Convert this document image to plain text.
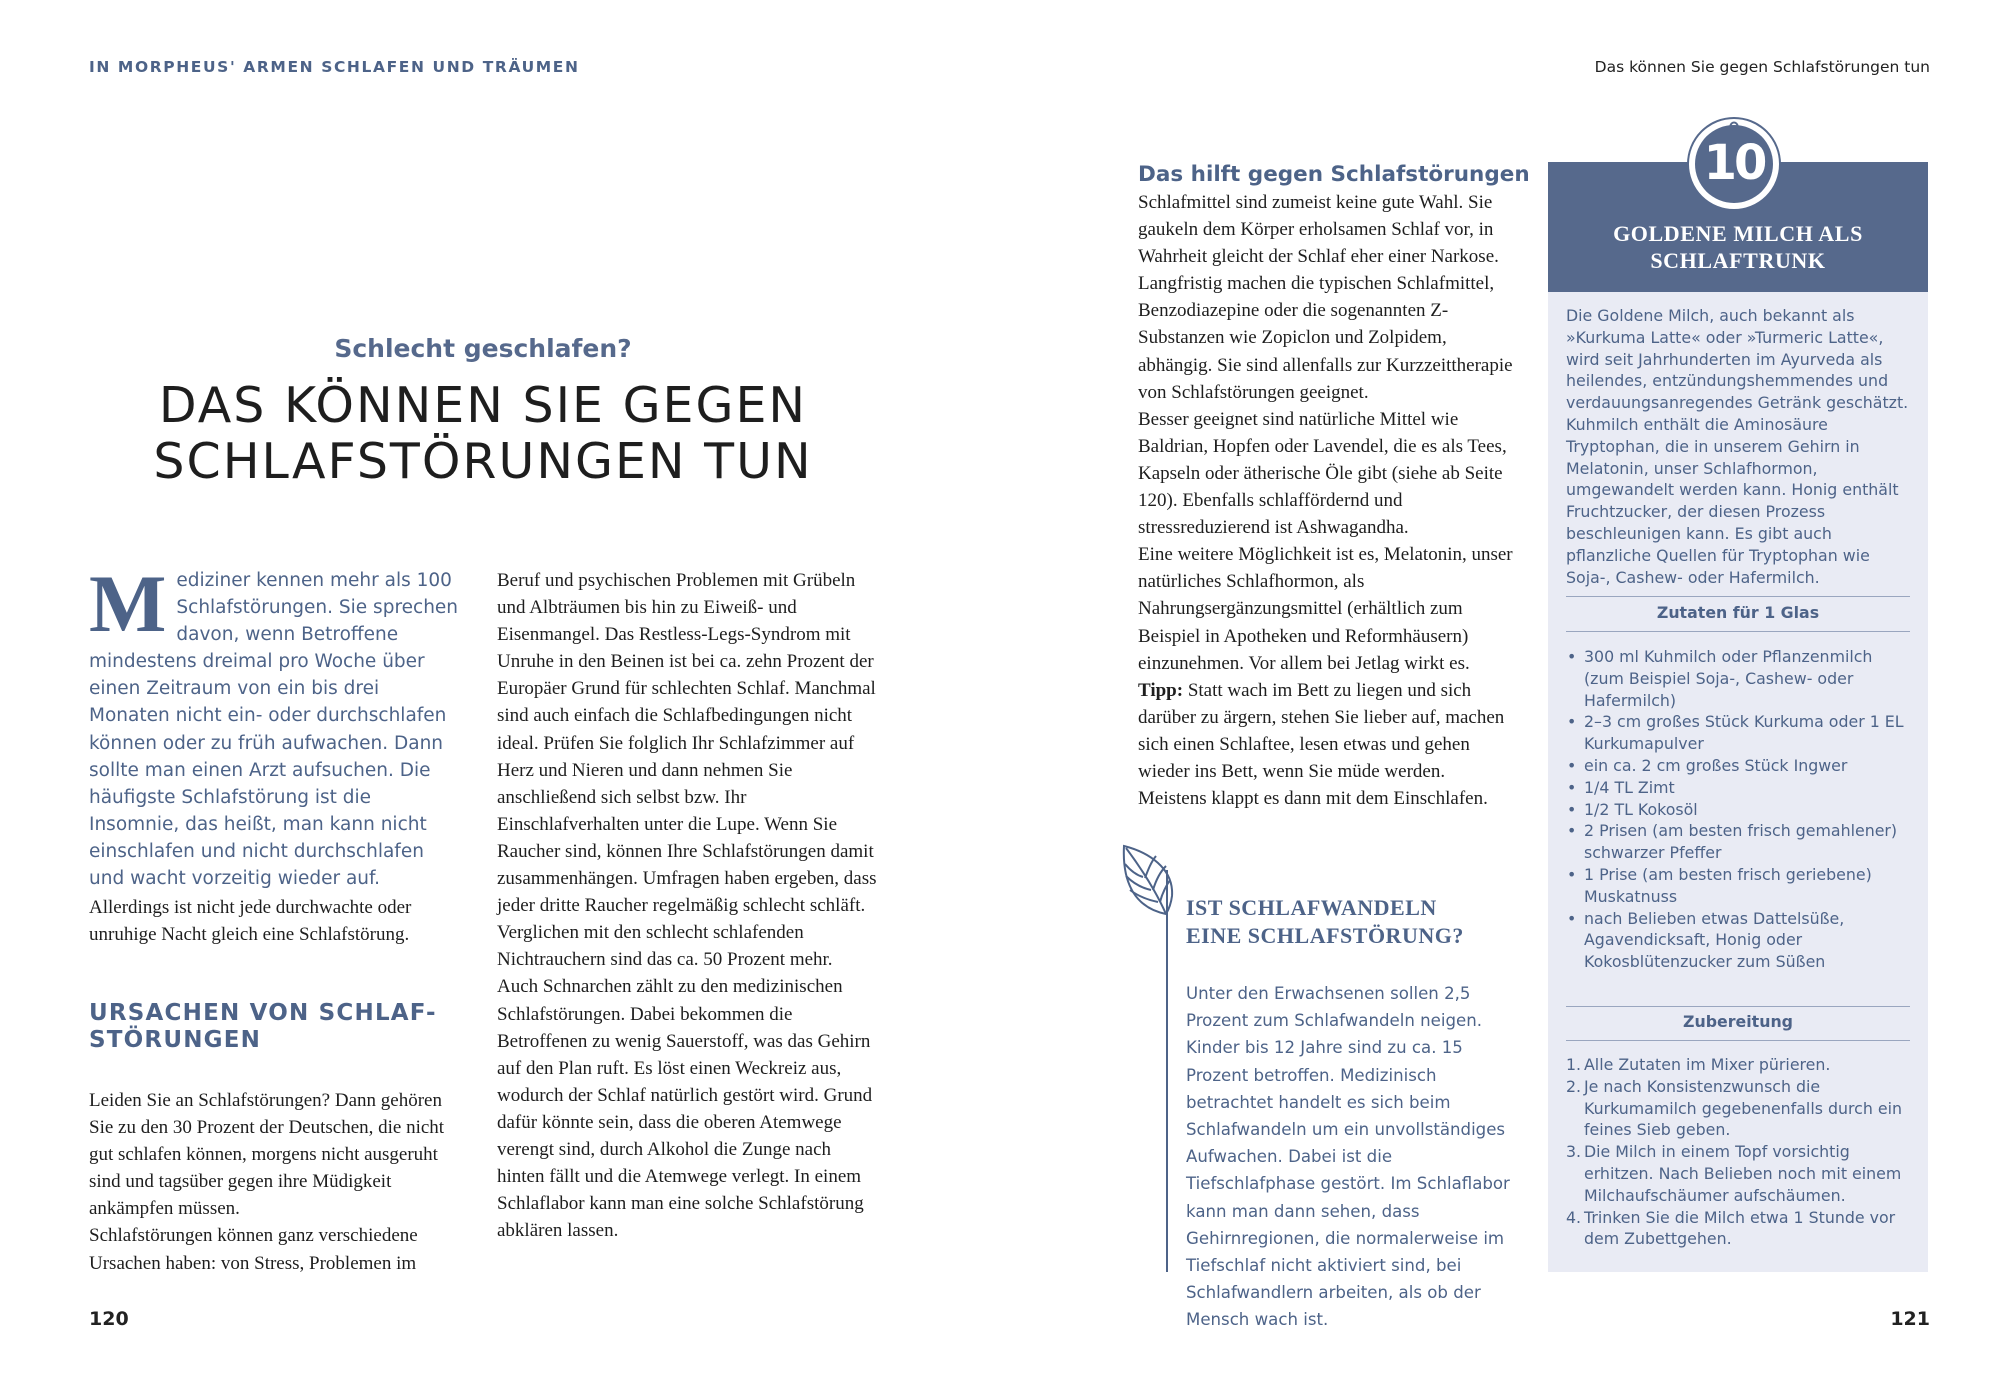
IN MORPHEUS' ARMEN SCHLAFEN UND TRÄUMEN	Das können Sie gegen Schlafstörungen tun
Schlecht geschlafen?
DAS KÖNNEN SIE GEGEN
SCHLAFSTÖRUNGEN TUN
Mediziner kennen mehr als 100 Schlafstörungen. Sie sprechen davon, wenn Betroffene mindestens dreimal pro Woche über einen Zeitraum von ein bis drei Monaten nicht ein- oder durchschlafen können oder zu früh aufwachen. Dann sollte man einen Arzt aufsuchen. Die häufigste Schlafstörung ist die Insomnie, das heißt, man kann nicht einschlafen und nicht durchschlafen und wacht vorzeitig wieder auf.
Allerdings ist nicht jede durchwachte oder unruhige Nacht gleich eine Schlafstörung.
URSACHEN VON SCHLAF-
STÖRUNGEN
Leiden Sie an Schlafstörungen? Dann gehören Sie zu den 30 Prozent der Deutschen, die nicht gut schlafen können, morgens nicht ausgeruht sind und tagsüber gegen ihre Müdigkeit ankämpfen müssen.
Schlafstörungen können ganz verschiedene Ursachen haben: von Stress, Problemen im
Beruf und psychischen Problemen mit Grübeln und Albträumen bis hin zu Eiweiß- und Eisenmangel. Das Restless-Legs-Syndrom mit Unruhe in den Beinen ist bei ca. zehn Prozent der Europäer Grund für schlechten Schlaf. Manchmal sind auch einfach die Schlafbedingungen nicht ideal. Prüfen Sie folglich Ihr Schlafzimmer auf Herz und Nieren und dann nehmen Sie anschließend sich selbst bzw. Ihr Einschlafverhalten unter die Lupe. Wenn Sie Raucher sind, können Ihre Schlafstörungen damit zusammenhängen. Umfragen haben ergeben, dass jeder dritte Raucher regelmäßig schlecht schläft. Verglichen mit den schlecht schlafenden Nichtrauchern sind das ca. 50 Prozent mehr.
Auch Schnarchen zählt zu den medizinischen Schlafstörungen. Dabei bekommen die Betroffenen zu wenig Sauerstoff, was das Gehirn auf den Plan ruft. Es löst einen Weckreiz aus, wodurch der Schlaf natürlich gestört wird. Grund dafür könnte sein, dass die oberen Atemwege verengt sind, durch Alkohol die Zunge nach hinten fällt und die Atemwege verlegt. In einem Schlaflabor kann man eine solche Schlafstörung abklären lassen.
120
Das hilft gegen Schlafstörungen
Schlafmittel sind zumeist keine gute Wahl. Sie gaukeln dem Körper erholsamen Schlaf vor, in Wahrheit gleicht der Schlaf eher einer Narkose. Langfristig machen die typischen Schlafmittel, Benzodiazepine oder die sogenannten Z-Substanzen wie Zopiclon und Zolpidem, abhängig. Sie sind allenfalls zur Kurzzeittherapie von Schlafstörungen geeignet.
Besser geeignet sind natürliche Mittel wie Baldrian, Hopfen oder Lavendel, die es als Tees, Kapseln oder ätherische Öle gibt (siehe ab Seite 120). Ebenfalls schlaffördernd und stressreduzierend ist Ashwagandha.
Eine weitere Möglichkeit ist es, Melatonin, unser natürliches Schlafhormon, als Nahrungsergänzungsmittel (erhältlich zum Beispiel in Apotheken und Reformhäusern) einzunehmen. Vor allem bei Jetlag wirkt es.
Tipp: Statt wach im Bett zu liegen und sich darüber zu ärgern, stehen Sie lieber auf, machen sich einen Schlaftee, lesen etwas und gehen wieder ins Bett, wenn Sie müde werden. Meistens klappt es dann mit dem Einschlafen.
IST SCHLAFWANDELN
EINE SCHLAFSTÖRUNG?
Unter den Erwachsenen sollen 2,5 Prozent zum Schlafwandeln neigen. Kinder bis 12 Jahre sind zu ca. 15 Prozent betroffen. Medizinisch betrachtet handelt es sich beim Schlafwandeln um ein unvollständiges Aufwachen. Dabei ist die Tiefschlafphase gestört. Im Schlaflabor kann man dann sehen, dass Gehirnregionen, die normalerweise im Tiefschlaf nicht aktiviert sind, bei Schlafwandlern arbeiten, als ob der Mensch wach ist.
10
GOLDENE MILCH ALS
SCHLAFTRUNK
Die Goldene Milch, auch bekannt als »Kurkuma Latte« oder »Turmeric Latte«, wird seit Jahrhunderten im Ayurveda als heilendes, entzündungshemmendes und verdauungsanregendes Getränk geschätzt.
Kuhmilch enthält die Aminosäure Tryptophan, die in unserem Gehirn in Melatonin, unser Schlafhormon, umgewandelt werden kann. Honig enthält Fruchtzucker, der diesen Prozess beschleunigen kann. Es gibt auch pflanzliche Quellen für Tryptophan wie Soja-, Cashew- oder Hafermilch.
Zutaten für 1 Glas
• 300 ml Kuhmilch oder Pflanzenmilch (zum Beispiel Soja-, Cashew- oder Hafermilch)
• 2–3 cm großes Stück Kurkuma oder 1 EL Kurkumapulver
• ein ca. 2 cm großes Stück Ingwer
• 1/4 TL Zimt
• 1/2 TL Kokosöl
• 2 Prisen (am besten frisch gemahlener) schwarzer Pfeffer
• 1 Prise (am besten frisch geriebene) Muskatnuss
• nach Belieben etwas Dattelsüße, Agavendicksaft, Honig oder Kokosblütenzucker zum Süßen
Zubereitung
1. Alle Zutaten im Mixer pürieren.
2. Je nach Konsistenzwunsch die Kurkumamilch gegebenenfalls durch ein feines Sieb geben.
3. Die Milch in einem Topf vorsichtig erhitzen. Nach Belieben noch mit einem Milchaufschäumer aufschäumen.
4. Trinken Sie die Milch etwa 1 Stunde vor dem Zubettgehen.
121
